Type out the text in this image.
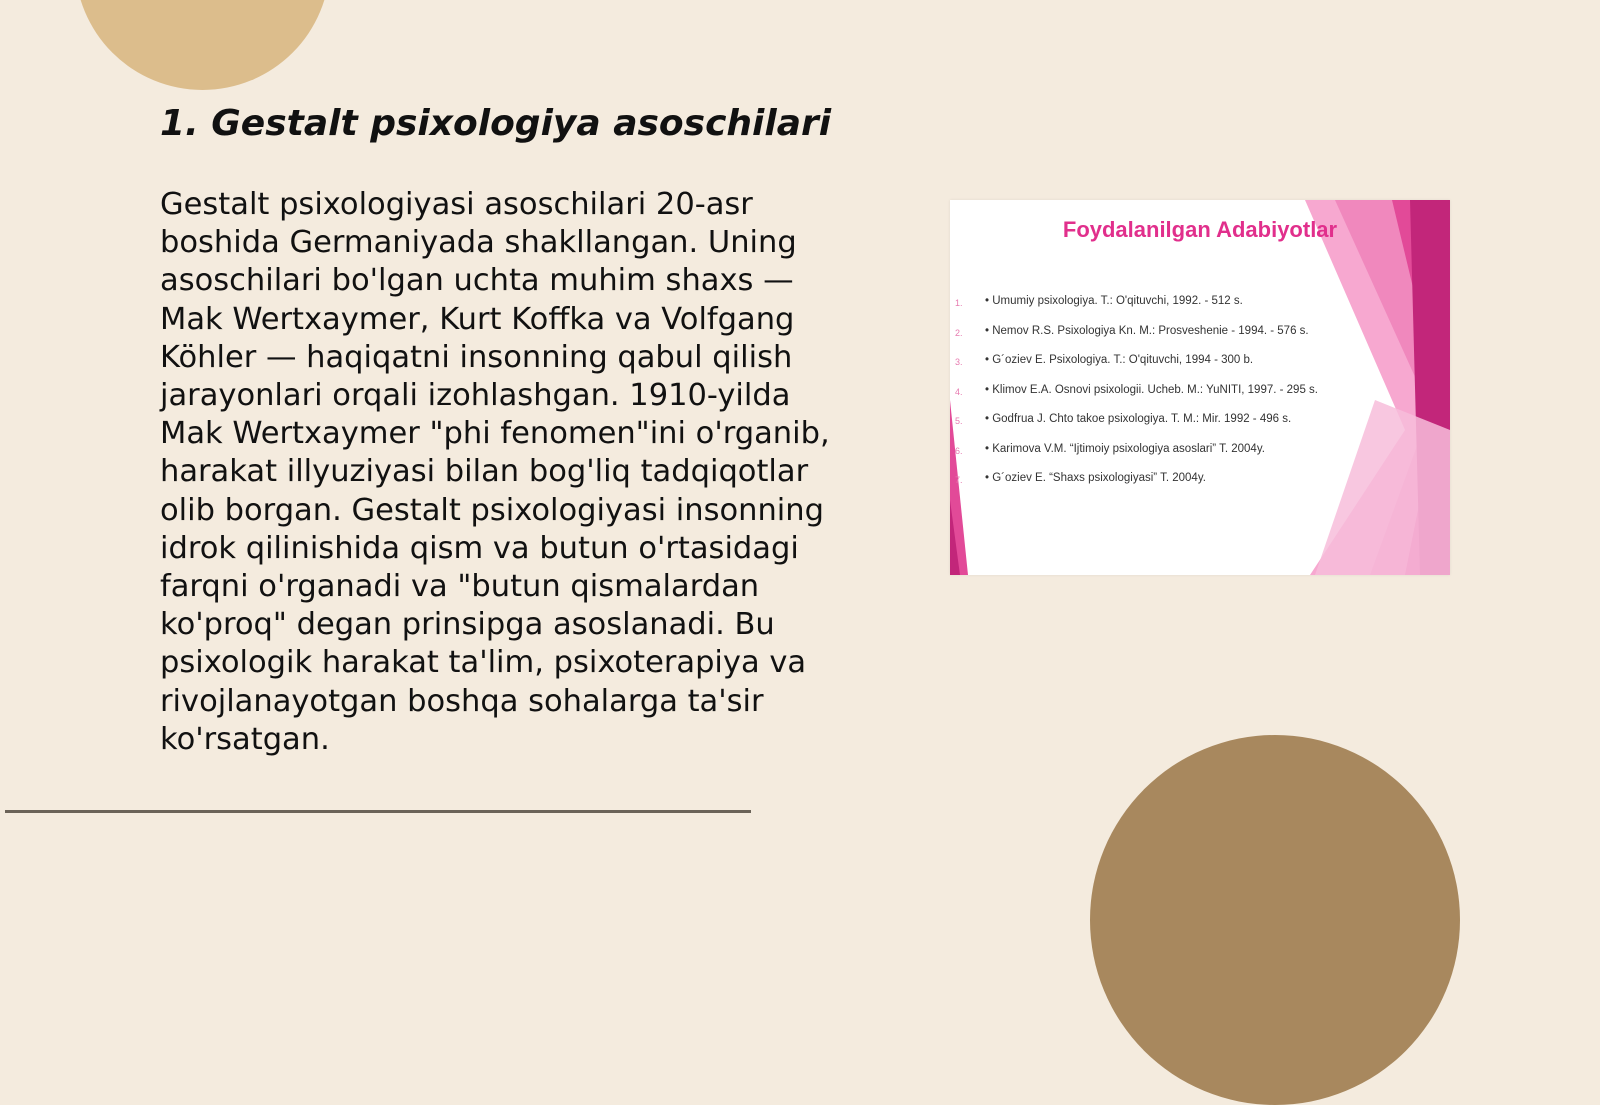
1. Gestalt psixologiya asoschilari

Gestalt psixologiyasi asoschilari 20-asr boshida Germaniyada shakllangan. Uning asoschilari bo'lgan uchta muhim shaxs — Mak Wertxaymer, Kurt Koffka va Volfgang Köhler — haqiqatni insonning qabul qilish jarayonlari orqali izohlashgan. 1910-yilda Mak Wertxaymer "phi fenomen"ini o'rganib, harakat illyuziyasi bilan bog'liq tadqiqotlar olib borgan. Gestalt psixologiyasi insonning idrok qilinishida qism va butun o'rtasidagi farqni o'rganadi va "butun qismalardan ko'proq" degan prinsipga asoslanadi. Bu psixologik harakat ta'lim, psixoterapiya va rivojlanayotgan boshqa sohalarga ta'sir ko'rsatgan.

Foydalanilgan Adabiyotlar
1.	• Umumiy psixologiya. T.: O'qituvchi, 1992. - 512 s.
2.	• Nemov R.S. Psixologiya Kn. M.: Prosveshenie - 1994. - 576 s.
3.	• G´oziev E. Psixologiya. T.: O'qituvchi, 1994 - 300 b.
4.	• Klimov E.A. Osnovi psixologii. Ucheb. M.: YuNITI, 1997. - 295 s.
5.	• Godfrua J. Chto takoe psixologiya. T. M.: Mir. 1992 - 496 s.
6.	• Karimova V.M. “Ijtimoiy psixologiya asoslari” T. 2004y.
7.	• G´oziev E. “Shaxs psixologiyasi” T. 2004y.
